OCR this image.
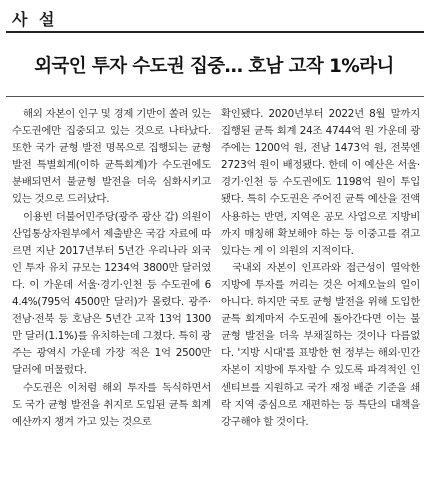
사 설
외국인 투자 수도권 집중… 호남 고작 1%라니

해외 자본이 인구 및 경제 기반이 쏠려 있는 수도권에만 집중되고 있는 것으로 나타났다. 또한 국가 균형 발전 명목으로 집행되는 균형발전 특별회계(이하 균특회계)가 수도권에도 분배되면서 불균형 발전을 더욱 심화시키고 있는 것으로 드러났다.

이용빈 더불어민주당(광주 광산 갑) 의원이 산업통상자원부에서 제출받은 국감 자료에 따르면 지난 2017년부터 5년간 우리나라 외국인 투자 유치 규모는 1234억 3800만 달러였다. 이 가운데 서울·경기·인천 등 수도권에 64.4%(795억 4500만 달러)가 몰렸다. 광주·전남·전북 등 호남은 5년간 고작 13억 1300만 달러(1.1%)를 유치하는데 그쳤다. 특히 광주는 광역시 가운데 가장 적은 1억 2500만 달러에 머물렀다.

수도권은 이처럼 해외 투자를 독식하면서도 국가 균형 발전을 취지로 도입된 균특 회계 예산까지 챙겨 가고 있는 것으로

확인됐다. 2020년부터 2022년 8월 말까지 집행된 균특 회계 24조 4744억 원 가운데 광주에는 1200억 원, 전남 1473억 원, 전북엔 2723억 원이 배정됐다. 한데 이 예산은 서울·경기·인천 등 수도권에도 1198억 원이 투입됐다. 특히 수도권은 주어진 균특 예산을 전액 사용하는 반면, 지역은 공모 사업으로 지방비까지 매칭해 확보해야 하는 등 이중고를 겪고 있다는 게 이 의원의 지적이다.

국내외 자본이 인프라와 접근성이 열악한 지방에 투자를 꺼리는 것은 어제오늘의 일이 아니다. 하지만 국토 균형 발전을 위해 도입한 균특 회계마저 수도권에 돌아간다면 이는 불균형 발전을 더욱 부채질하는 것이나 다름없다. '지방 시대'를 표방한 현 정부는 해외·민간 자본이 지방에 투자할 수 있도록 파격적인 인센티브를 지원하고 국가 재정 배준 기준을 쇄락 지역 중심으로 재편하는 등 특단의 대책을 강구해야 할 것이다.
